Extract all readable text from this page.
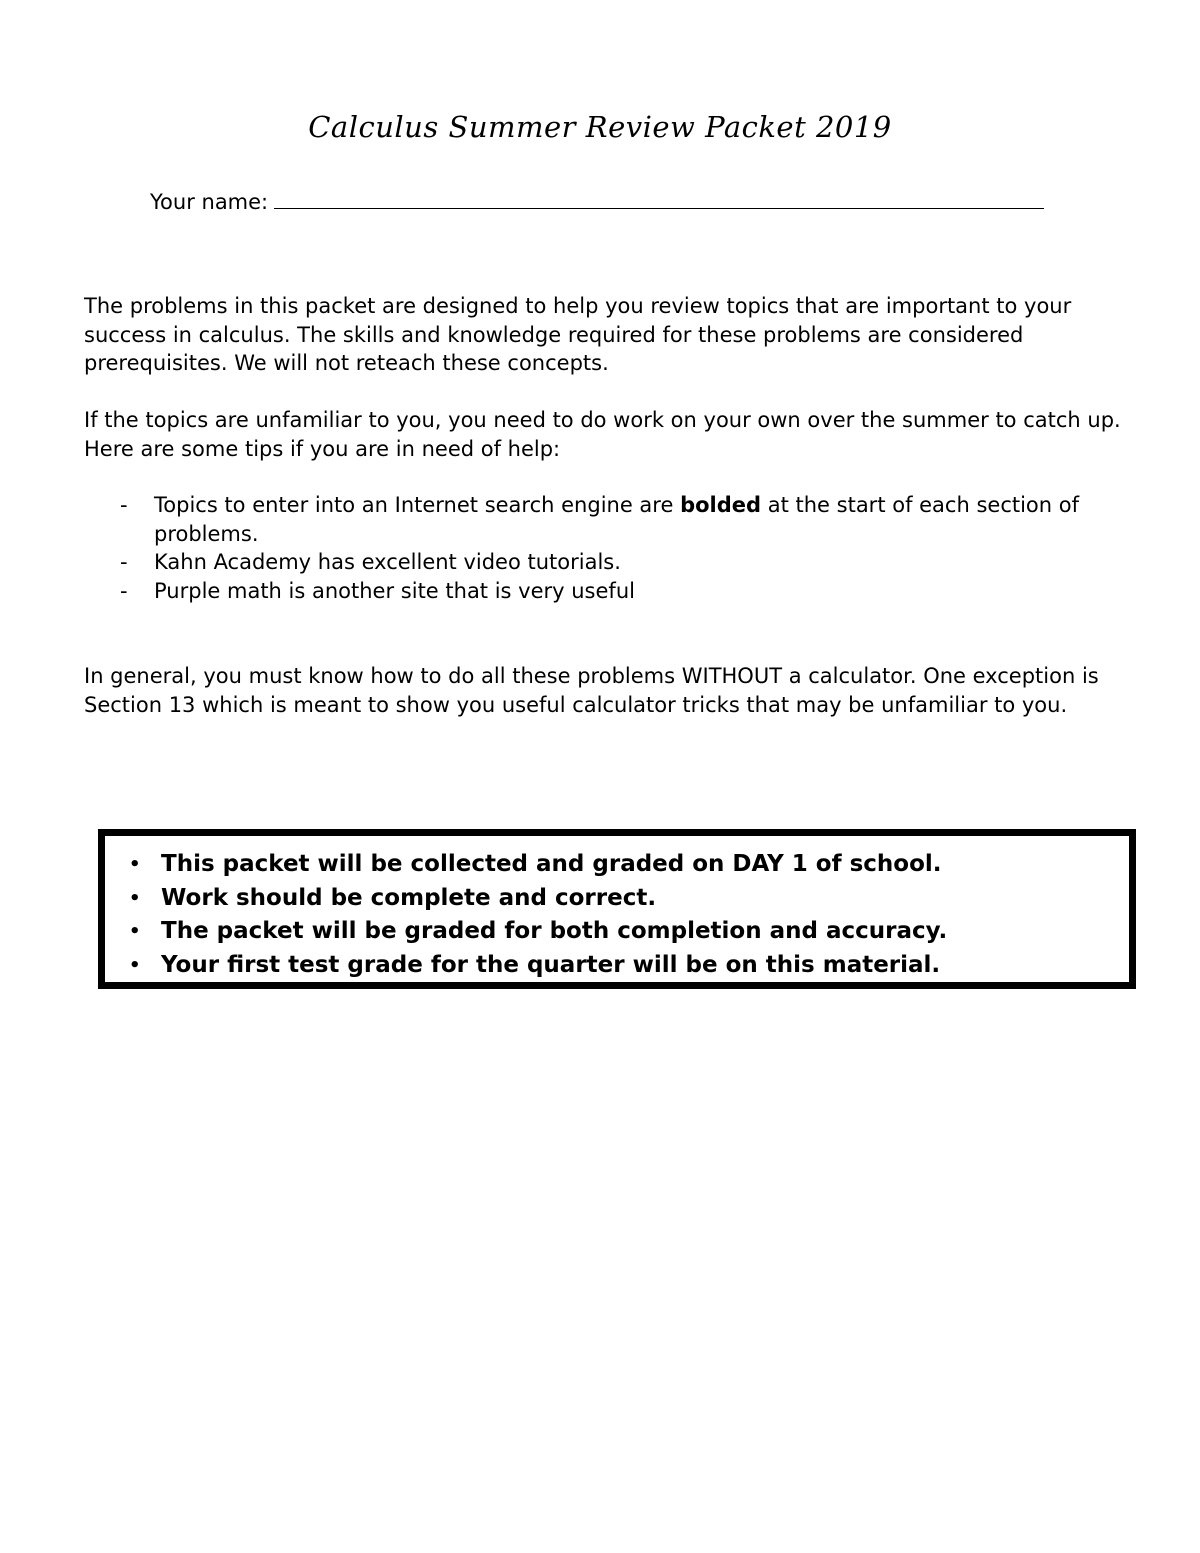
Calculus Summer Review Packet 2019
Your name:

The problems in this packet are designed to help you review topics that are important to your success in calculus. The skills and knowledge required for these problems are considered prerequisites. We will not reteach these concepts.

If the topics are unfamiliar to you, you need to do work on your own over the summer to catch up. Here are some tips if you are in need of help:

- Topics to enter into an Internet search engine are bolded at the start of each section of problems.
- Kahn Academy has excellent video tutorials.
- Purple math is another site that is very useful

In general, you must know how to do all these problems WITHOUT a calculator. One exception is Section 13 which is meant to show you useful calculator tricks that may be unfamiliar to you.

• This packet will be collected and graded on DAY 1 of school.
• Work should be complete and correct.
• The packet will be graded for both completion and accuracy.
• Your first test grade for the quarter will be on this material.
